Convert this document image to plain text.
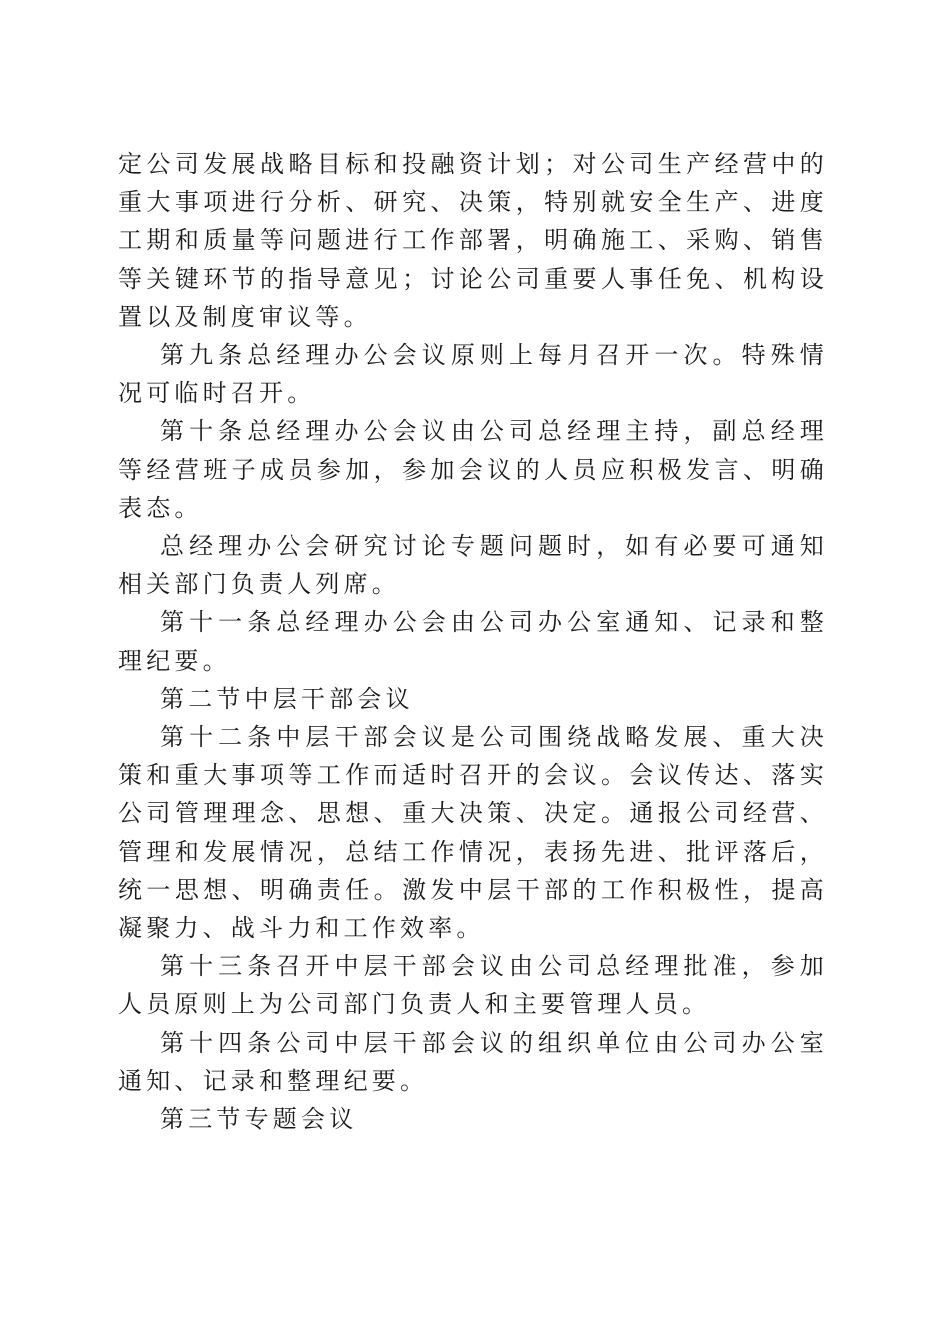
定公司发展战略目标和投融资计划；对公司生产经营中的重大事项进行分析、研究、决策，特别就安全生产、进度工期和质量等问题进行工作部署，明确施工、采购、销售等关键环节的指导意见；讨论公司重要人事任免、机构设置以及制度审议等。

第九条总经理办公会议原则上每月召开一次。特殊情况可临时召开。

第十条总经理办公会议由公司总经理主持，副总经理等经营班子成员参加，参加会议的人员应积极发言、明确表态。

总经理办公会研究讨论专题问题时，如有必要可通知相关部门负责人列席。

第十一条总经理办公会由公司办公室通知、记录和整理纪要。

第二节中层干部会议

第十二条中层干部会议是公司围绕战略发展、重大决策和重大事项等工作而适时召开的会议。会议传达、落实公司管理理念、思想、重大决策、决定。通报公司经营、管理和发展情况，总结工作情况，表扬先进、批评落后，统一思想、明确责任。激发中层干部的工作积极性，提高凝聚力、战斗力和工作效率。

第十三条召开中层干部会议由公司总经理批准，参加人员原则上为公司部门负责人和主要管理人员。

第十四条公司中层干部会议的组织单位由公司办公室通知、记录和整理纪要。

第三节专题会议
